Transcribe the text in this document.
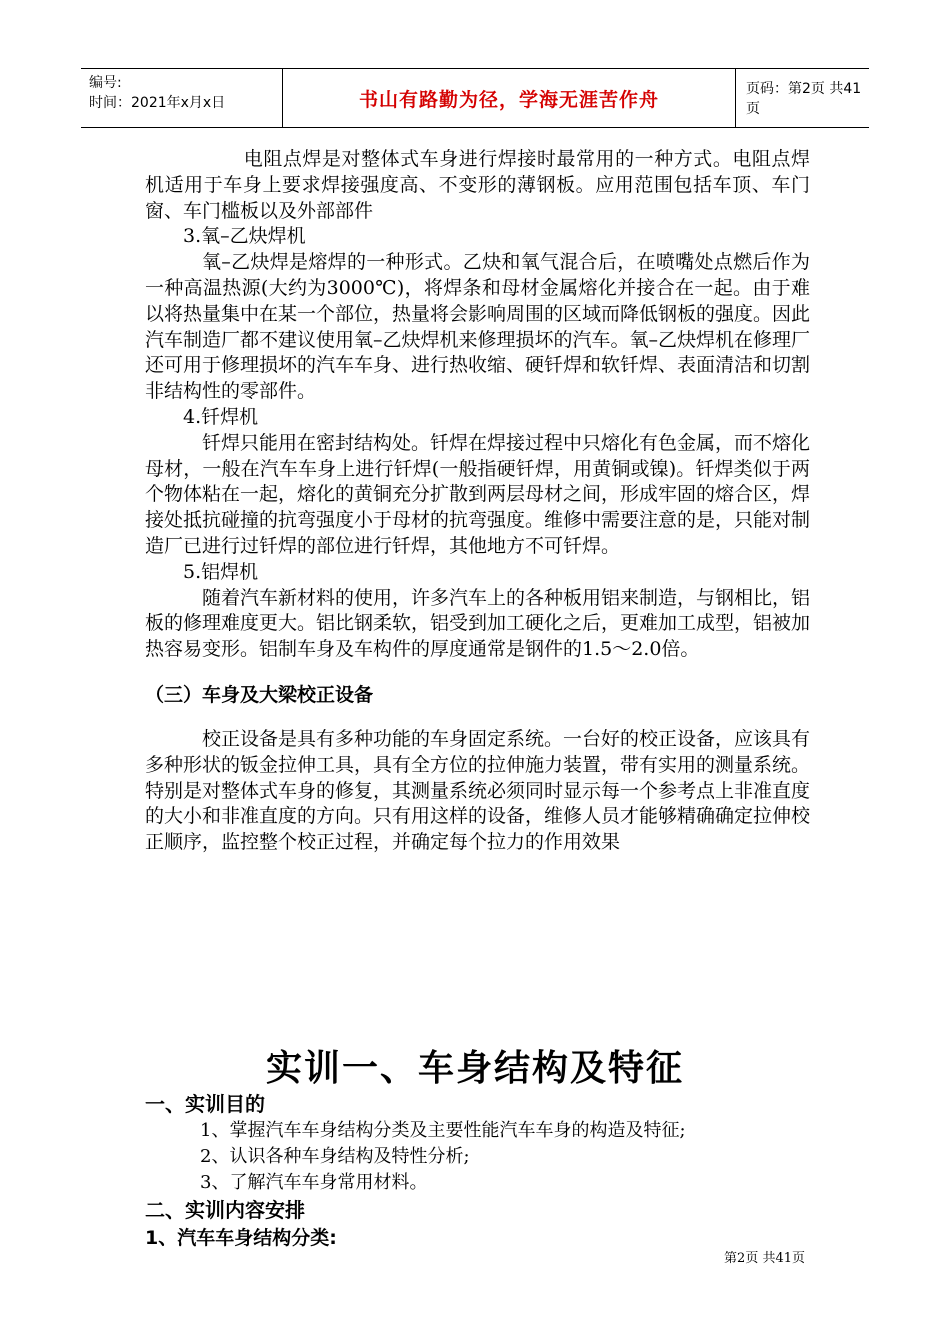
编号:
时间：2021年x月x日	书山有路勤为径，学海无涯苦作舟	页码：第2页 共41页

电阻点焊是对整体式车身进行焊接时最常用的一种方式。电阻点焊机适用于车身上要求焊接强度高、不变形的薄钢板。应用范围包括车顶、车门窗、车门槛板以及外部部件

3.氧–乙炔焊机

氧–乙炔焊是熔焊的一种形式。乙炔和氧气混合后，在喷嘴处点燃后作为一种高温热源(大约为3000℃)，将焊条和母材金属熔化并接合在一起。由于难以将热量集中在某一个部位，热量将会影响周围的区域而降低钢板的强度。因此汽车制造厂都不建议使用氧–乙炔焊机来修理损坏的汽车。氧–乙炔焊机在修理厂还可用于修理损坏的汽车车身、进行热收缩、硬钎焊和软钎焊、表面清洁和切割非结构性的零部件。

4.钎焊机

钎焊只能用在密封结构处。钎焊在焊接过程中只熔化有色金属，而不熔化母材，一般在汽车车身上进行钎焊(一般指硬钎焊，用黄铜或镍)。钎焊类似于两个物体粘在一起，熔化的黄铜充分扩散到两层母材之间，形成牢固的熔合区，焊接处抵抗碰撞的抗弯强度小于母材的抗弯强度。维修中需要注意的是，只能对制造厂已进行过钎焊的部位进行钎焊，其他地方不可钎焊。

5.铝焊机

随着汽车新材料的使用，许多汽车上的各种板用铝来制造，与钢相比，铝板的修理难度更大。铝比钢柔软，铝受到加工硬化之后，更难加工成型，铝被加热容易变形。铝制车身及车构件的厚度通常是钢件的1.5～2.0倍。

（三）车身及大梁校正设备

校正设备是具有多种功能的车身固定系统。一台好的校正设备，应该具有多种形状的钣金拉伸工具，具有全方位的拉伸施力装置，带有实用的测量系统。特别是对整体式车身的修复，其测量系统必须同时显示每一个参考点上非准直度的大小和非准直度的方向。只有用这样的设备，维修人员才能够精确确定拉伸校正顺序，监控整个校正过程，并确定每个拉力的作用效果

实训一、车身结构及特征

一、实训目的

1、掌握汽车车身结构分类及主要性能汽车车身的构造及特征;

2、认识各种车身结构及特性分析;

3、了解汽车车身常用材料。

二、实训内容安排

1、汽车车身结构分类:

第2页 共41页
